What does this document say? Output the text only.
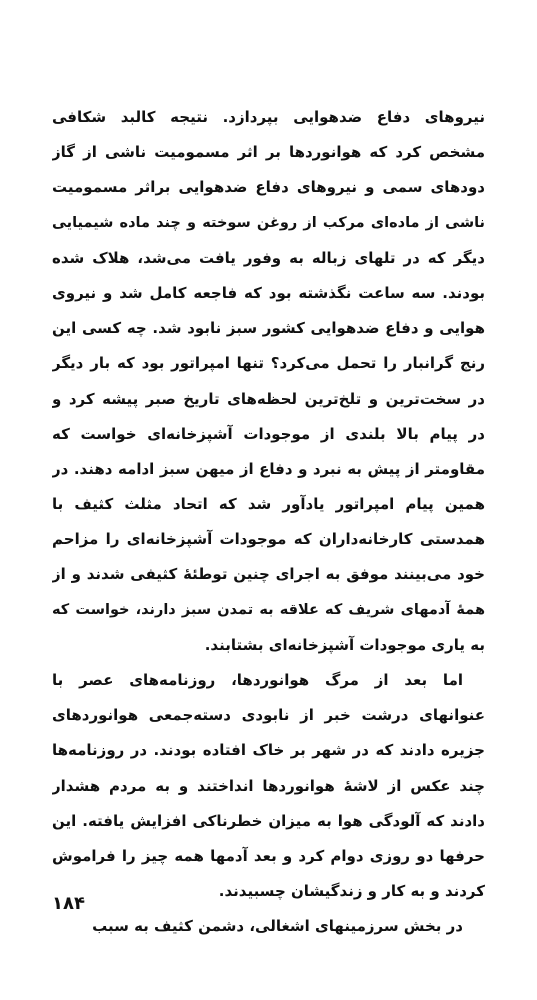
نیروهای دفاع ضدهوایی بپردازد. نتیجه کالبد شکافی
مشخص کرد که هوانوردها بر اثر مسمومیت ناشی از گاز
دودهای سمی و نیروهای دفاع ضدهوایی براثر مسمومیت
ناشی از ماده‌ای مرکب از روغن سوخته و چند ماده شیمیایی
دیگر که در تلهای زباله به وفور یافت می‌شد، هلاک شده
بودند. سه ساعت نگذشته بود که فاجعه کامل شد و نیروی
هوایی و دفاع ضدهوایی کشور سبز نابود شد. چه کسی این
رنج گرانبار را تحمل می‌کرد؟ تنها امپراتور بود که بار دیگر
در سخت‌ترین و تلخ‌ترین لحظه‌های تاریخ صبر پیشه کرد و
در پیام بالا بلندی از موجودات آشپزخانه‌ای خواست که
مقاومتر از پیش به نبرد و دفاع از میهن سبز ادامه دهند. در
همین پیام امپراتور یادآور شد که اتحاد مثلث کثیف با
همدستی کارخانه‌داران که موجودات آشپزخانه‌ای را مزاحم
خود می‌بینند موفق به اجرای چنین توطئهٔ کثیفی شدند و از
همهٔ آدمهای شریف که علاقه به تمدن سبز دارند، خواست که
به یاری موجودات آشپزخانه‌ای بشتابند.
اما بعد از مرگ هوانوردها، روزنامه‌های عصر با
عنوانهای درشت خبر از نابودی دسته‌جمعی هوانوردهای
جزیره دادند که در شهر بر خاک افتاده بودند. در روزنامه‌ها
چند عکس از لاشهٔ هوانوردها انداختند و به مردم هشدار
دادند که آلودگی هوا به میزان خطرناکی افزایش یافته. این
حرفها دو روزی دوام کرد و بعد آدمها همه چیز را فراموش
کردند و به کار و زندگیشان چسبیدند.
در بخش سرزمینهای اشغالی، دشمن کثیف به سبب
۱۸۴
